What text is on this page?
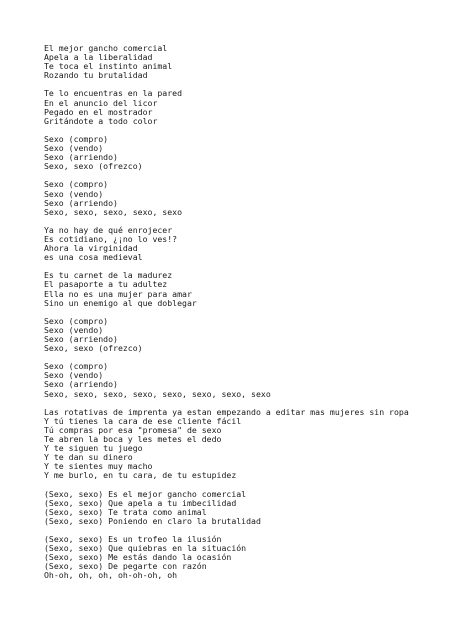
El mejor gancho comercial
Apela a la liberalidad
Te toca el instinto animal
Rozando tu brutalidad
Te lo encuentras en la pared
En el anuncio del licor
Pegado en el mostrador
Gritándote a todo color
Sexo (compro)
Sexo (vendo)
Sexo (arriendo)
Sexo, sexo (ofrezco)
Sexo (compro)
Sexo (vendo)
Sexo (arriendo)
Sexo, sexo, sexo, sexo, sexo
Ya no hay de qué enrojecer
Es cotidiano, ¿¡no lo ves!?
Ahora la virginidad
es una cosa medieval
Es tu carnet de la madurez
El pasaporte a tu adultez
Ella no es una mujer para amar
Sino un enemigo al que doblegar
Sexo (compro)
Sexo (vendo)
Sexo (arriendo)
Sexo, sexo (ofrezco)
Sexo (compro)
Sexo (vendo)
Sexo (arriendo)
Sexo, sexo, sexo, sexo, sexo, sexo, sexo, sexo
Las rotativas de imprenta ya estan empezando a editar mas mujeres sin ropa
Y tú tienes la cara de ese cliente fácil
Tú compras por esa "promesa" de sexo
Te abren la boca y les metes el dedo
Y te siguen tu juego
Y te dan su dinero
Y te sientes muy macho
Y me burlo, en tu cara, de tu estupidez
(Sexo, sexo) Es el mejor gancho comercial
(Sexo, sexo) Que apela a tu imbecilidad
(Sexo, sexo) Te trata como animal
(Sexo, sexo) Poniendo en claro la brutalidad
(Sexo, sexo) Es un trofeo la ilusión
(Sexo, sexo) Que quiebras en la situación
(Sexo, sexo) Me estás dando la ocasión
(Sexo, sexo) De pegarte con razón
Oh-oh, oh, oh, oh-oh-oh, oh
